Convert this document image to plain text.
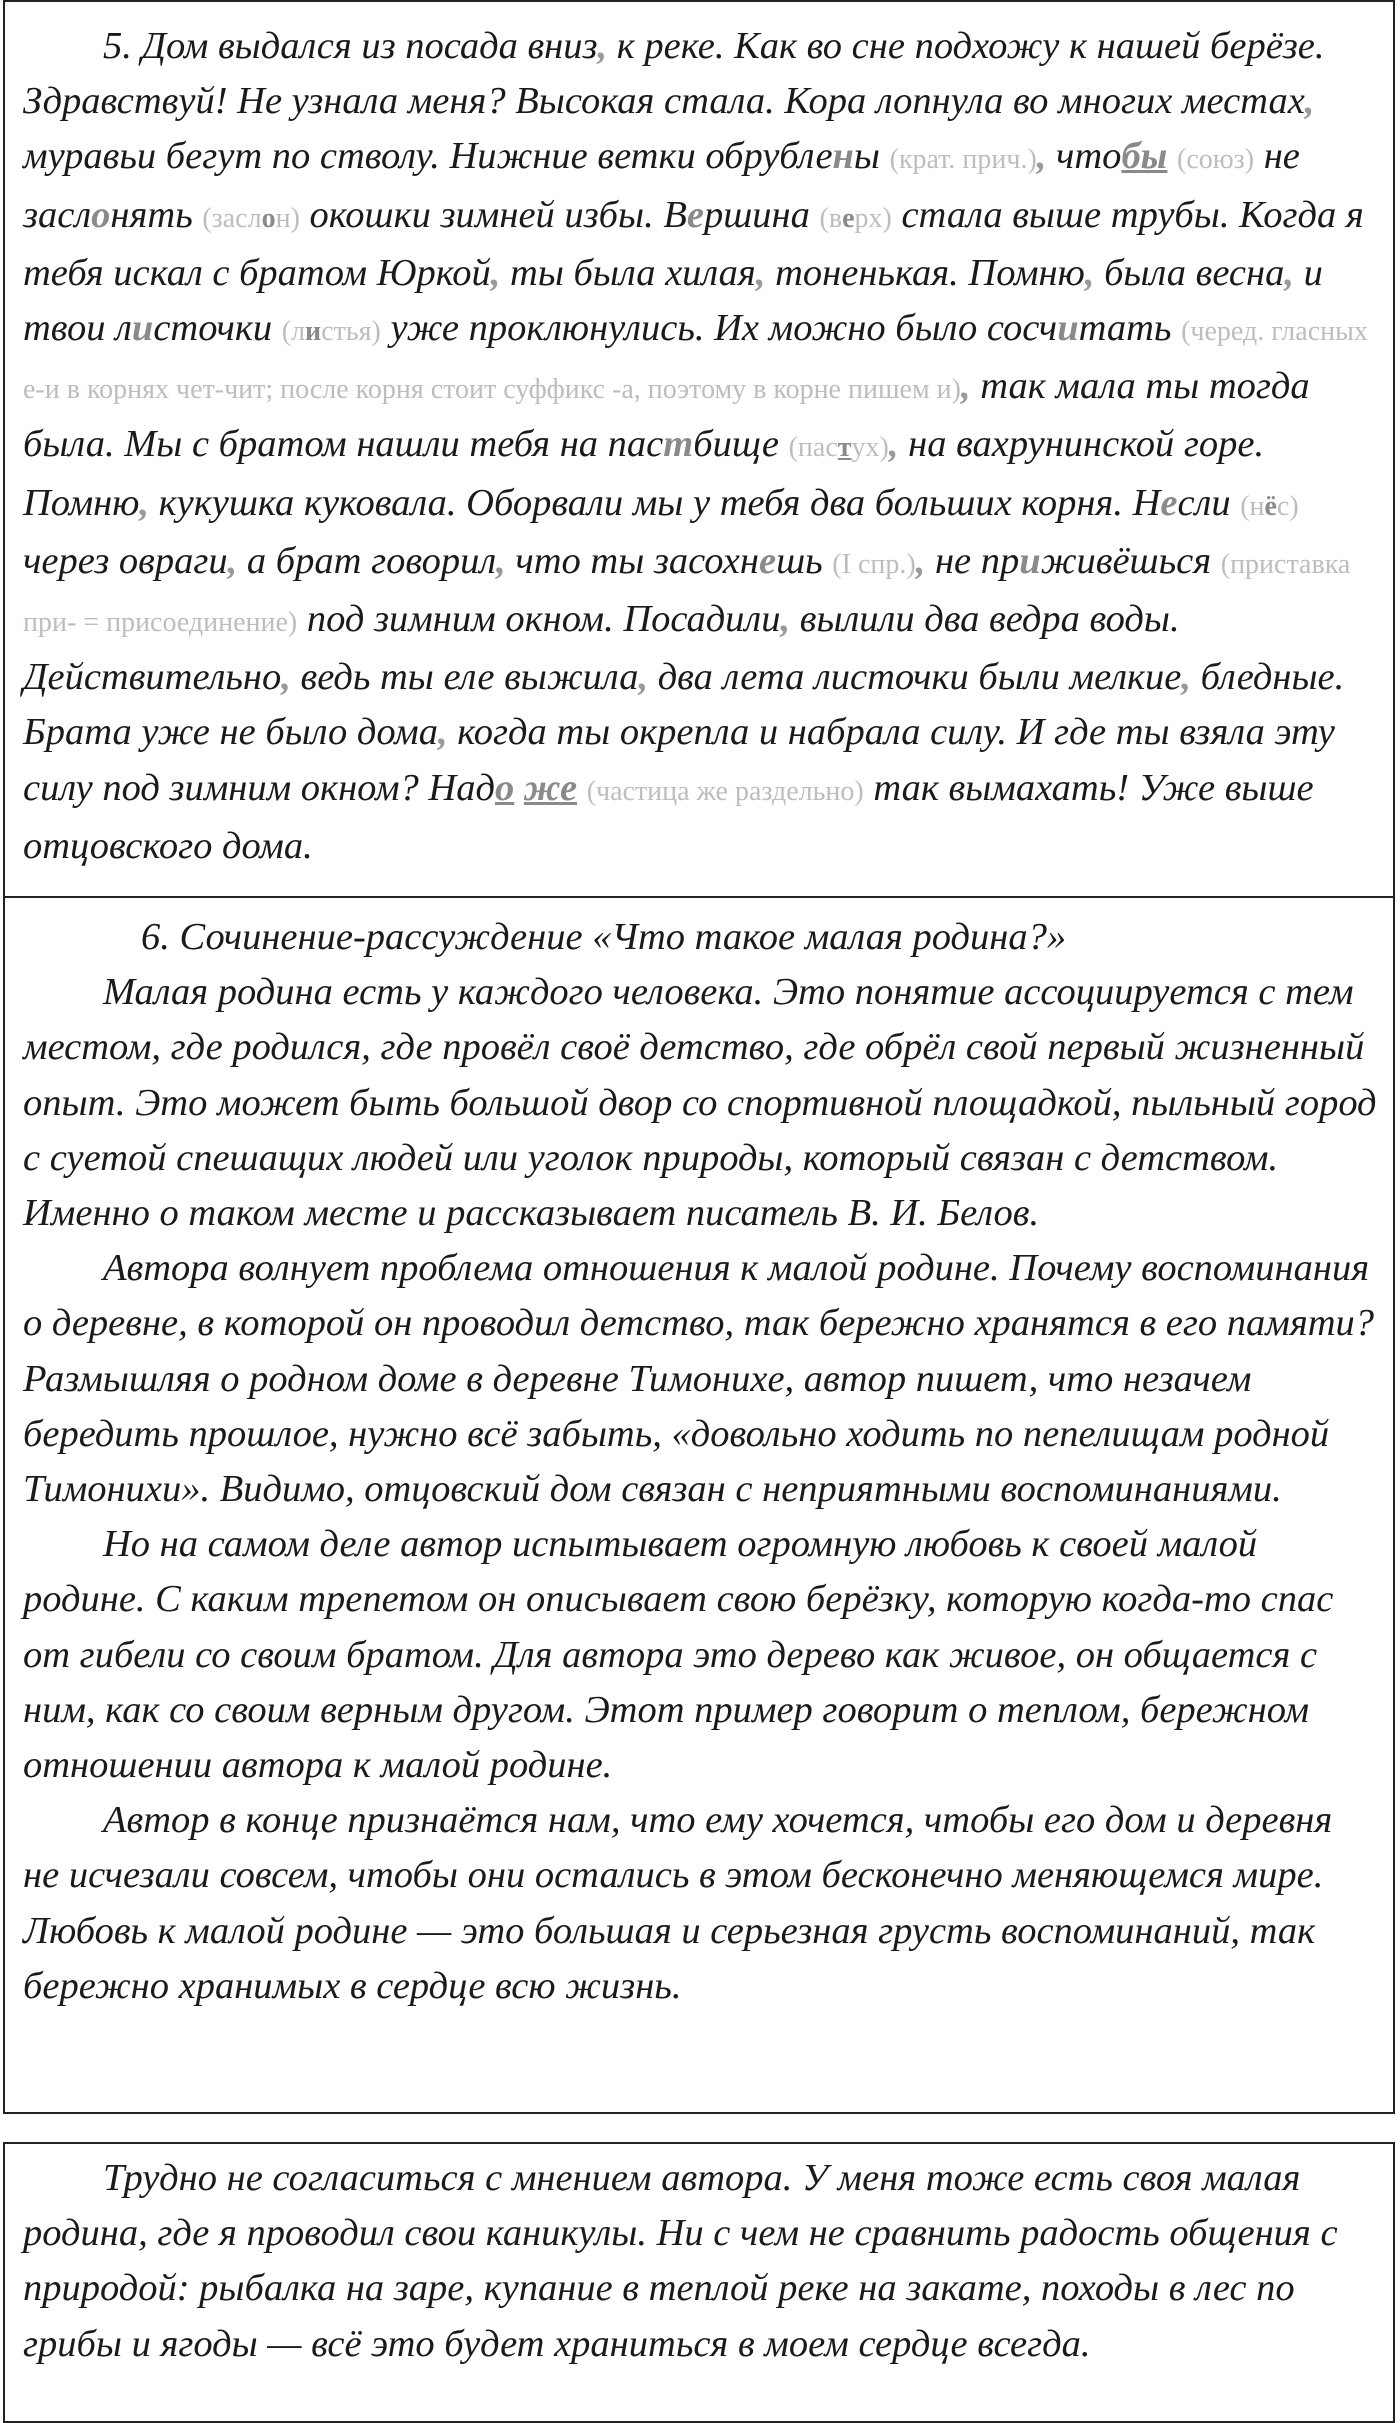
5. Дом выдался из посада вниз, к реке. Как во сне подхожу к нашей берёзе. Здравствуй! Не узнала меня? Высокая стала. Кора лопнула во многих местах, муравьи бегут по стволу. Нижние ветки обрублены (крат. прич.), чтобы (союз) не заслонять (заслон) окошки зимней избы. Вершина (верх) стала выше трубы. Когда я тебя искал с братом Юркой, ты была хилая, тоненькая. Помню, была весна, и твои листочки (листья) уже проклюнулись. Их можно было сосчитать (черед. гласных е-и в корнях чет-чит; после корня стоит суффикс -а, поэтому в корне пишем и), так мала ты тогда была. Мы с братом нашли тебя на пастбище (пастух), на вахрунинской горе. Помню, кукушка куковала. Оборвали мы у тебя два больших корня. Несли (нёс) через овраги, а брат говорил, что ты засохнешь (I спр.), не приживёшься (приставка при- = присоединение) под зимним окном. Посадили, вылили два ведра воды. Действительно, ведь ты еле выжила, два лета листочки были мелкие, бледные. Брата уже не было дома, когда ты окрепла и набрала силу. И где ты взяла эту силу под зимним окном? Надо же (частица же раздельно) так вымахать! Уже выше отцовского дома.

6. Сочинение-рассуждение «Что такое малая родина?»

Малая родина есть у каждого человека. Это понятие ассоциируется с тем местом, где родился, где провёл своё детство, где обрёл свой первый жизненный опыт. Это может быть большой двор со спортивной площадкой, пыльный город с суетой спешащих людей или уголок природы, который связан с детством. Именно о таком месте и рассказывает писатель В. И. Белов.

Автора волнует проблема отношения к малой родине. Почему воспоминания о деревне, в которой он проводил детство, так бережно хранятся в его памяти? Размышляя о родном доме в деревне Тимонихе, автор пишет, что незачем бередить прошлое, нужно всё забыть, «довольно ходить по пепелищам родной Тимонихи». Видимо, отцовский дом связан с неприятными воспоминаниями.

Но на самом деле автор испытывает огромную любовь к своей малой родине. С каким трепетом он описывает свою берёзку, которую когда-то спас от гибели со своим братом. Для автора это дерево как живое, он общается с ним, как со своим верным другом. Этот пример говорит о теплом, бережном отношении автора к малой родине.

Автор в конце признаётся нам, что ему хочется, чтобы его дом и деревня не исчезали совсем, чтобы они остались в этом бесконечно меняющемся мире. Любовь к малой родине — это большая и серьезная грусть воспоминаний, так бережно хранимых в сердце всю жизнь.

Трудно не согласиться с мнением автора. У меня тоже есть своя малая родина, где я проводил свои каникулы. Ни с чем не сравнить радость общения с природой: рыбалка на заре, купание в теплой реке на закате, походы в лес по грибы и ягоды — всё это будет храниться в моем сердце всегда.
